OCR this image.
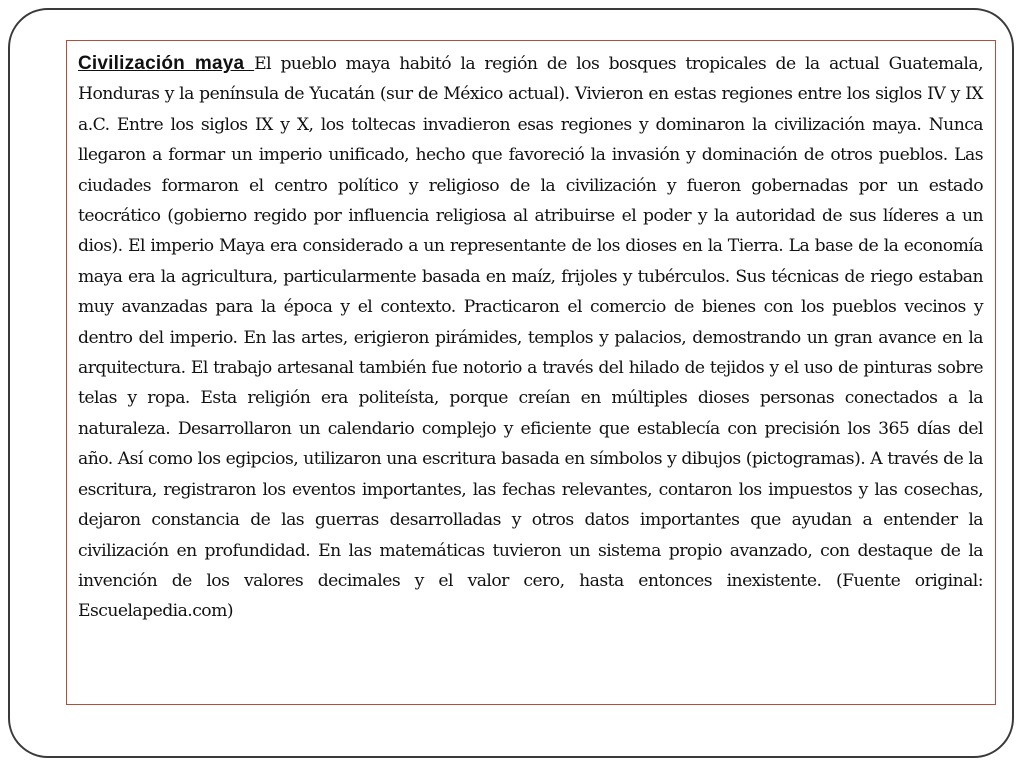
Civilización maya El pueblo maya habitó la región de los bosques tropicales de la actual Guatemala, Honduras y la península de Yucatán (sur de México actual). Vivieron en estas regiones entre los siglos IV y IX a.C. Entre los siglos IX y X, los toltecas invadieron esas regiones y dominaron la civilización maya. Nunca llegaron a formar un imperio unificado, hecho que favoreció la invasión y dominación de otros pueblos. Las ciudades formaron el centro político y religioso de la civilización y fueron gobernadas por un estado teocrático (gobierno regido por influencia religiosa al atribuirse el poder y la autoridad de sus líderes a un dios). El imperio Maya era considerado a un representante de los dioses en la Tierra. La base de la economía maya era la agricultura, particularmente basada en maíz, frijoles y tubérculos. Sus técnicas de riego estaban muy avanzadas para la época y el contexto. Practicaron el comercio de bienes con los pueblos vecinos y dentro del imperio. En las artes, erigieron pirámides, templos y palacios, demostrando un gran avance en la arquitectura. El trabajo artesanal también fue notorio a través del hilado de tejidos y el uso de pinturas sobre telas y ropa. Esta religión era politeísta, porque creían en múltiples dioses personas conectados a la naturaleza. Desarrollaron un calendario complejo y eficiente que establecía con precisión los 365 días del año. Así como los egipcios, utilizaron una escritura basada en símbolos y dibujos (pictogramas). A través de la escritura, registraron los eventos importantes, las fechas relevantes, contaron los impuestos y las cosechas, dejaron constancia de las guerras desarrolladas y otros datos importantes que ayudan a entender la civilización en profundidad. En las matemáticas tuvieron un sistema propio avanzado, con destaque de la invención de los valores decimales y el valor cero, hasta entonces inexistente. (Fuente original: Escuelapedia.com)
